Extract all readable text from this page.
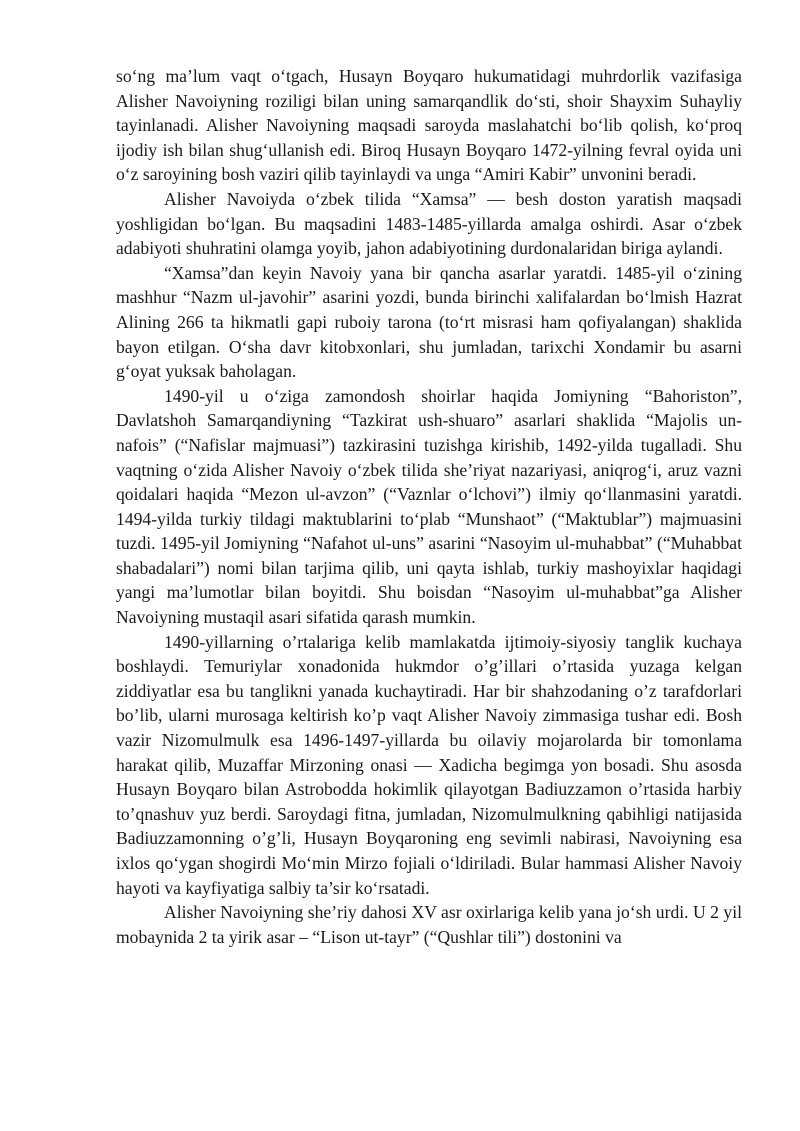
so‘ng ma’lum vaqt o‘tgach, Husayn Boyqaro hukumatidagi muhrdorlik vazifasiga Alisher Navoiyning roziligi bilan uning samarqandlik do‘sti, shoir Shayxim Suhayliy tayinlanadi. Alisher Navoiyning maqsadi saroyda maslahatchi bo‘lib qolish, ko‘proq ijodiy ish bilan shug‘ullanish edi. Biroq Husayn Boyqaro 1472-yilning fevral oyida uni o‘z saroyining bosh vaziri qilib tayinlaydi va unga “Amiri Kabir” unvonini beradi.

Alisher Navoiyda o‘zbek tilida “Xamsa” — besh doston yaratish maqsadi yoshligidan bo‘lgan. Bu maqsadini 1483-1485-yillarda amalga oshirdi. Asar o‘zbek adabiyoti shuhratini olamga yoyib, jahon adabiyotining durdonalaridan biriga aylandi.

“Xamsa”dan keyin Navoiy yana bir qancha asarlar yaratdi. 1485-yil o‘zining mashhur “Nazm ul-javohir” asarini yozdi, bunda birinchi xalifalardan bo‘lmish Hazrat Alining 266 ta hikmatli gapi ruboiy tarona (to‘rt misrasi ham qofiyalangan) shaklida bayon etilgan. O‘sha davr kitobxonlari, shu jumladan, tarixchi Xondamir bu asarni g‘oyat yuksak baholagan.

1490-yil u o‘ziga zamondosh shoirlar haqida Jomiyning “Bahoriston”, Davlatshoh Samarqandiyning “Tazkirat ush-shuaro” asarlari shaklida “Majolis un-nafois” (“Nafislar majmuasi”) tazkirasini tuzishga kirishib, 1492-yilda tugalladi. Shu vaqtning o‘zida Alisher Navoiy o‘zbek tilida she’riyat nazariyasi, aniqrog‘i, aruz vazni qoidalari haqida “Mezon ul-avzon” (“Vaznlar o‘lchovi”) ilmiy qo‘llanmasini yaratdi. 1494-yilda turkiy tildagi maktublarini to‘plab “Munshaot” (“Maktublar”) majmuasini tuzdi. 1495-yil Jomiyning “Nafahot ul-uns” asarini “Nasoyim ul-muhabbat” (“Muhabbat shabadalari”) nomi bilan tarjima qilib, uni qayta ishlab, turkiy mashoyixlar haqidagi yangi ma’lumotlar bilan boyitdi. Shu boisdan “Nasoyim ul-muhabbat”ga Alisher Navoiyning mustaqil asari sifatida qarash mumkin.

1490-yillarning o’rtalariga kelib mamlakatda ijtimoiy-siyosiy tanglik kuchaya boshlaydi. Temuriylar xonadonida hukmdor o’g’illari o’rtasida yuzaga kelgan ziddiyatlar esa bu tanglikni yanada kuchaytiradi. Har bir shahzodaning o’z tarafdorlari bo’lib, ularni murosaga keltirish ko’p vaqt Alisher Navoiy zimmasiga tushar edi. Bosh vazir Nizomulmulk esa 1496-1497-yillarda bu oilaviy mojarolarda bir tomonlama harakat qilib, Muzaffar Mirzoning onasi — Xadicha begimga yon bosadi. Shu asosda Husayn Boyqaro bilan Astrobodda hokimlik qilayotgan Badiuzzamon o’rtasida harbiy to’qnashuv yuz berdi. Saroydagi fitna, jumladan, Nizomulmulkning qabihligi natijasida Badiuzzamonning o’g’li, Husayn Boyqaroning eng sevimli nabirasi, Navoiyning esa ixlos qo‘ygan shogirdi Mo‘min Mirzo fojiali o‘ldiriladi. Bular hammasi Alisher Navoiy hayoti va kayfiyatiga salbiy ta’sir ko‘rsatadi.

Alisher Navoiyning she’riy dahosi XV asr oxirlariga kelib yana jo‘sh urdi. U 2 yil mobaynida 2 ta yirik asar – “Lison ut-tayr” (“Qushlar tili”) dostonini va
